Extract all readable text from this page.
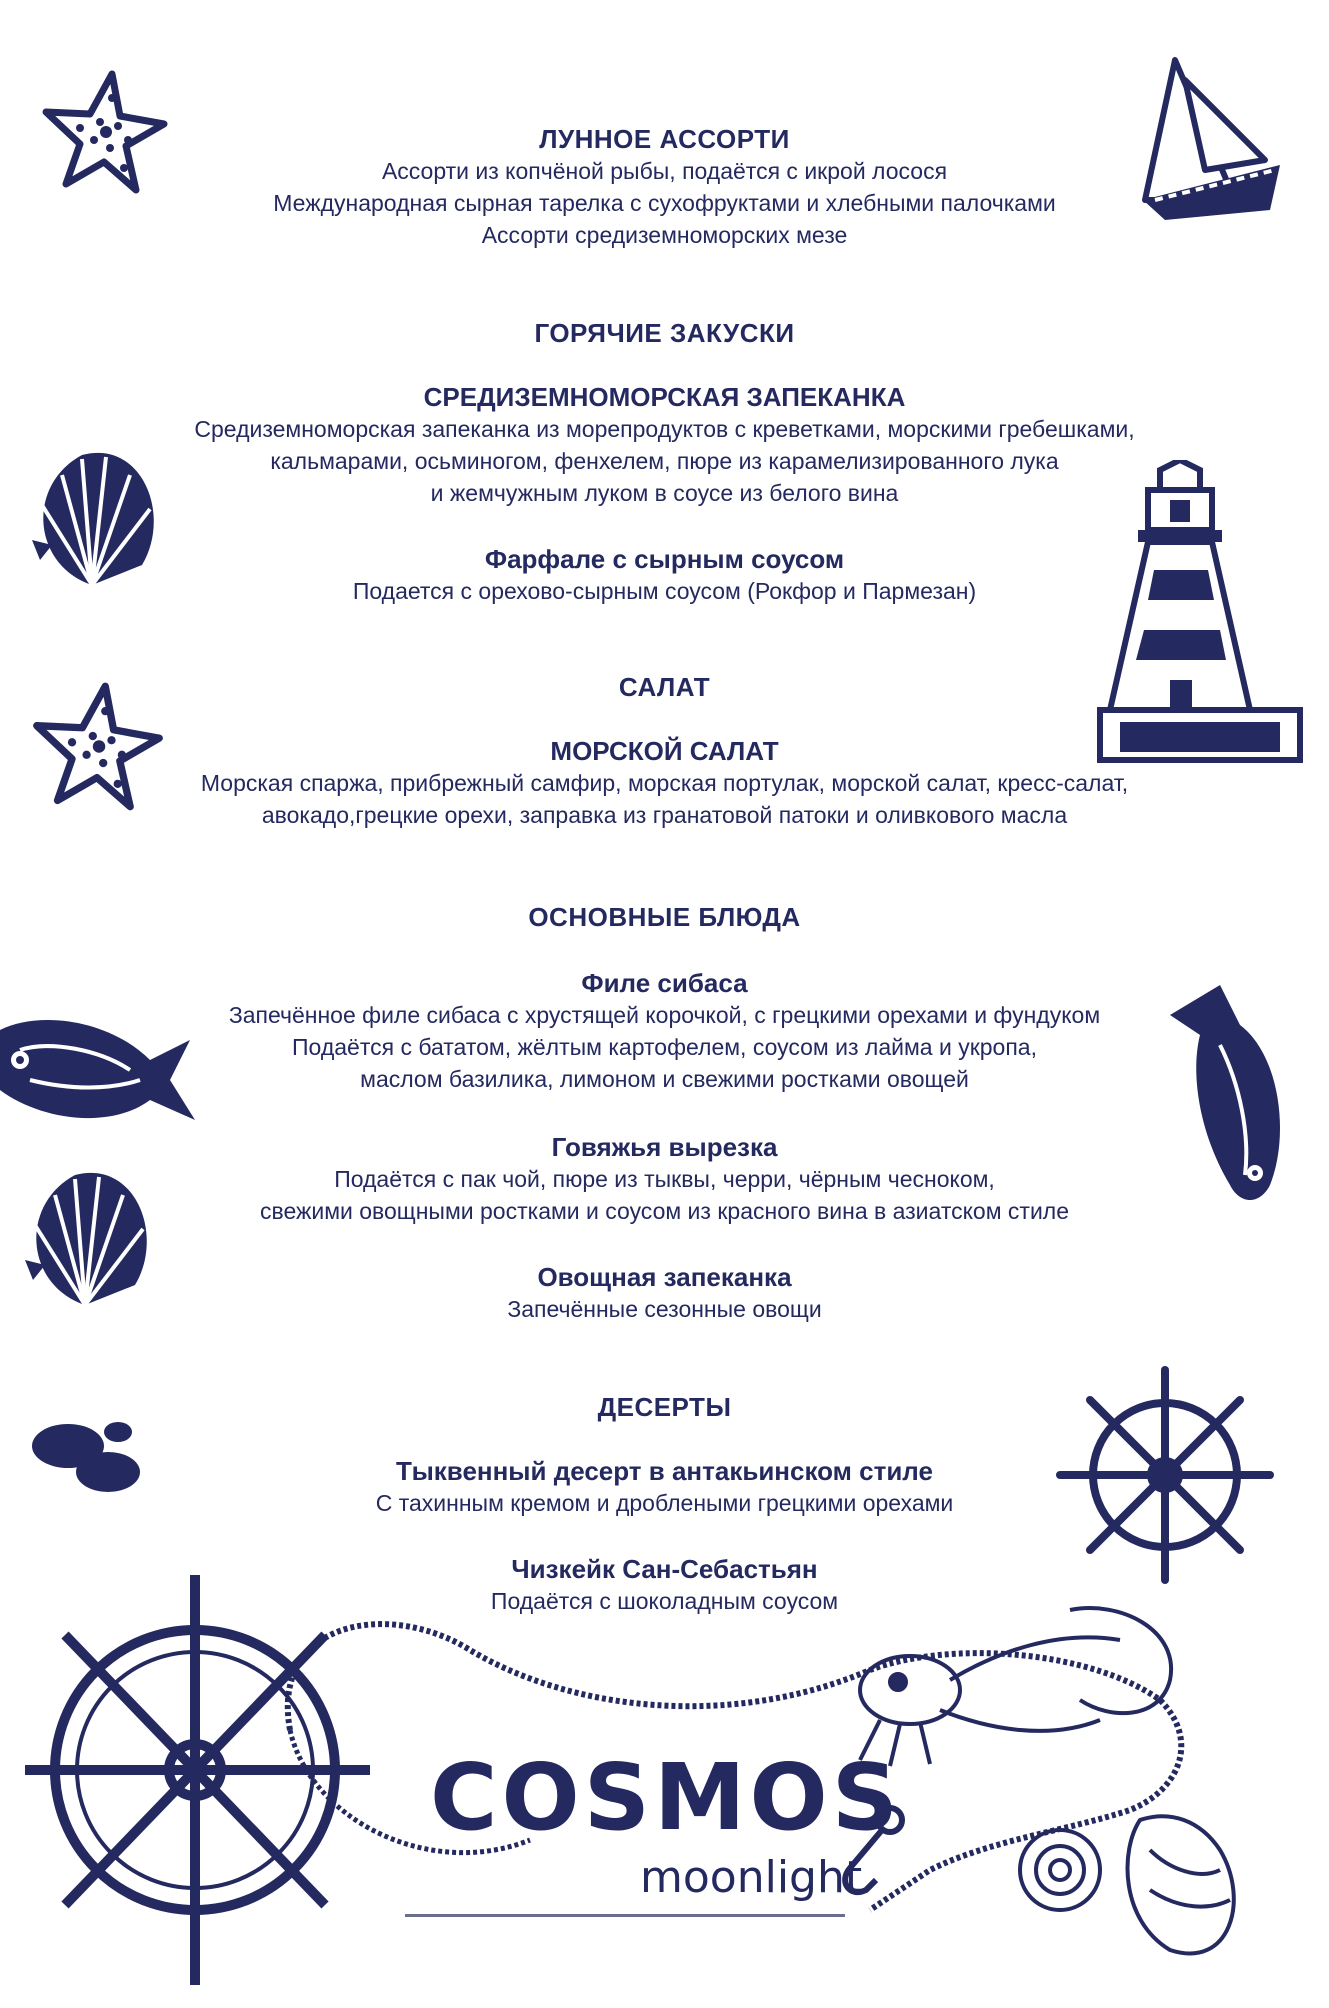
ЛУННОЕ АССОРТИ
Ассорти из копчёной рыбы, подаётся с икрой лосося
Международная сырная тарелка с сухофруктами и хлебными палочками
Ассорти средиземноморских мезе
ГОРЯЧИЕ ЗАКУСКИ
СРЕДИЗЕМНОМОРСКАЯ ЗАПЕКАНКА
Средиземноморская запеканка из морепродуктов с креветками, морскими гребешками,
кальмарами, осьминогом, фенхелем, пюре из карамелизированного лука
и жемчужным луком в соусе из белого вина
Фарфале с сырным соусом
Подается с орехово-сырным соусом (Рокфор и Пармезан)
САЛАТ
МОРСКОЙ САЛАТ
Морская спаржа, прибрежный самфир, морская портулак, морской салат, кресс-салат,
авокадо,грецкие орехи, заправка из гранатовой патоки и оливкового масла
ОСНОВНЫЕ БЛЮДА
Филе сибаса
Запечённое филе сибаса с хрустящей корочкой, с грецкими орехами и фундуком
Подаётся с бататом, жёлтым картофелем, соусом из лайма и укропа,
маслом базилика, лимоном и свежими ростками овощей
Говяжья вырезка
Подаётся с пак чой, пюре из тыквы, черри, чёрным чесноком,
свежими овощными ростками и соусом из красного вина в азиатском стиле
Овощная запеканка
Запечённые сезонные овощи
ДЕСЕРТЫ
Тыквенный десерт в антакьинском стиле
С тахинным кремом и дроблеными грецкими орехами
Чизкейк Сан-Себастьян
Подаётся с шоколадным соусом
COSMOS
moonlight
